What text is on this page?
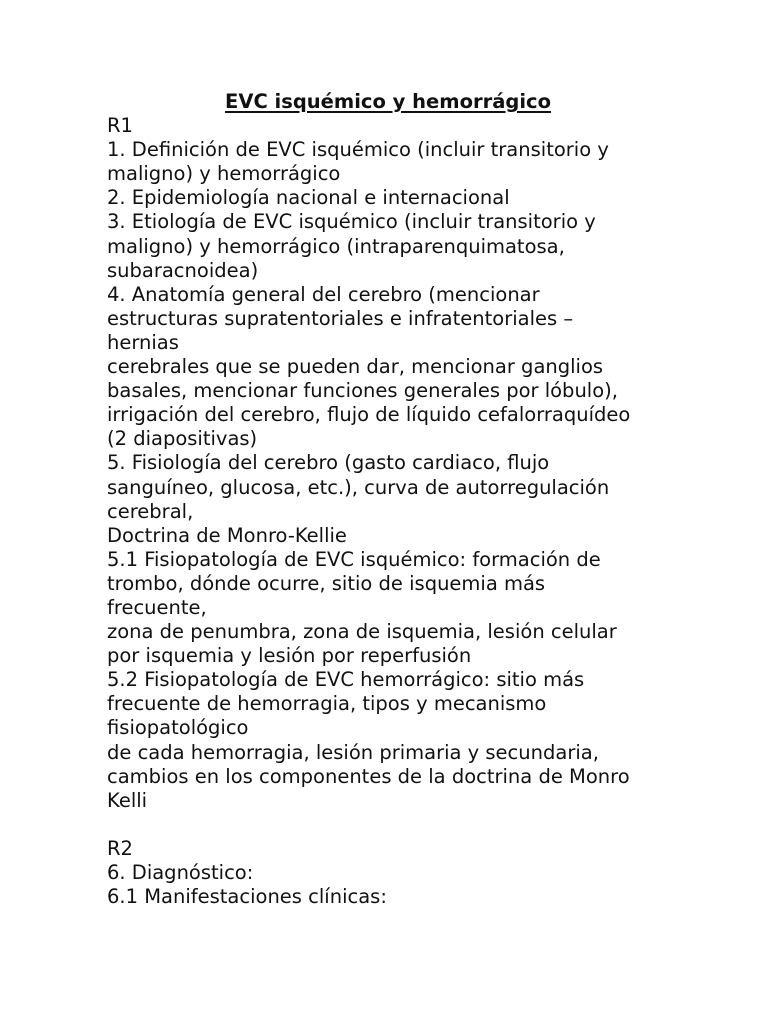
EVC isquémico y hemorrágico
R1
1. Definición de EVC isquémico (incluir transitorio y
maligno) y hemorrágico
2. Epidemiología nacional e internacional
3. Etiología de EVC isquémico (incluir transitorio y
maligno) y hemorrágico (intraparenquimatosa,
subaracnoidea)
4. Anatomía general del cerebro (mencionar
estructuras supratentoriales e infratentoriales –
hernias
cerebrales que se pueden dar, mencionar ganglios
basales, mencionar funciones generales por lóbulo),
irrigación del cerebro, flujo de líquido cefalorraquídeo
(2 diapositivas)
5. Fisiología del cerebro (gasto cardiaco, flujo
sanguíneo, glucosa, etc.), curva de autorregulación
cerebral,
Doctrina de Monro-Kellie
5.1 Fisiopatología de EVC isquémico: formación de
trombo, dónde ocurre, sitio de isquemia más
frecuente,
zona de penumbra, zona de isquemia, lesión celular
por isquemia y lesión por reperfusión
5.2 Fisiopatología de EVC hemorrágico: sitio más
frecuente de hemorragia, tipos y mecanismo
fisiopatológico
de cada hemorragia, lesión primaria y secundaria,
cambios en los componentes de la doctrina de Monro
Kelli
R2
6. Diagnóstico:
6.1 Manifestaciones clínicas:
